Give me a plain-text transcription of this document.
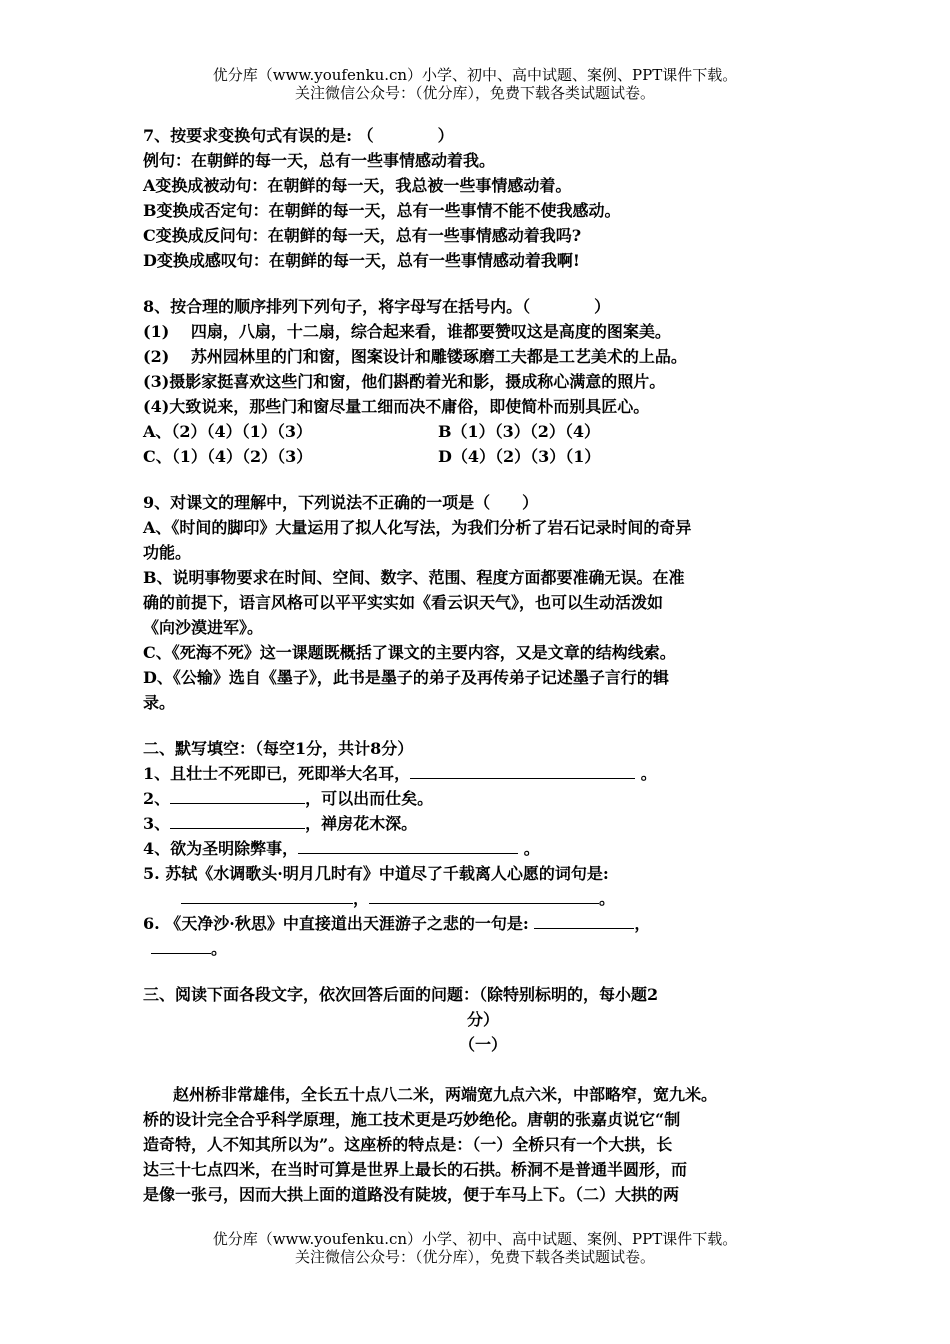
优分库（www.youfenku.cn）小学、初中、高中试题、案例、PPT课件下载。
关注微信公众号：（优分库），免费下载各类试题试卷。
7、按要求变换句式有误的是: （　　　　）
例句：在朝鲜的每一天，总有一些事情感动着我。
A变换成被动句：在朝鲜的每一天，我总被一些事情感动着。
B变换成否定句：在朝鲜的每一天，总有一些事情不能不使我感动。
C变换成反问句：在朝鲜的每一天，总有一些事情感动着我吗?
D变换成感叹句：在朝鲜的每一天，总有一些事情感动着我啊!
8、按合理的顺序排列下列句子，将字母写在括号内。（　　　　）
(1)　 四扇，八扇，十二扇，综合起来看，谁都要赞叹这是高度的图案美。
(2)　 苏州园林里的门和窗，图案设计和雕镂琢磨工夫都是工艺美术的上品。
(3)摄影家挺喜欢这些门和窗，他们斟酌着光和影，摄成称心满意的照片。
(4)大致说来，那些门和窗尽量工细而决不庸俗，即使简朴而别具匠心。
A、（2）（4）（1）（3）	B（1）（3）（2）（4）
C、（1）（4）（2）（3）	D（4）（2）（3）（1）
9、对课文的理解中，下列说法不正确的一项是（　　）
A、《时间的脚印》大量运用了拟人化写法，为我们分析了岩石记录时间的奇异
功能。
B、说明事物要求在时间、空间、数字、范围、程度方面都要准确无误。在准
确的前提下，语言风格可以平平实实如《看云识天气》，也可以生动活泼如
《向沙漠进军》。
C、《死海不死》这一课题既概括了课文的主要内容，又是文章的结构线索。
D、《公输》选自《墨子》，此书是墨子的弟子及再传弟子记述墨子言行的辑
录。
二、默写填空：（每空1分，共计8分）
1、且壮士不死即已，死即举大名耳，	。
2、	，可以出而仕矣。
3、	，禅房花木深。
4、欲为圣明除弊事，	。
5. 苏轼《水调歌头·明月几时有》中道尽了千载离人心愿的词句是:
，	。
6. 《天净沙·秋思》中直接道出天涯游子之悲的一句是:	，
。
三、阅读下面各段文字，依次回答后面的问题：（除特别标明的，每小题2
分）
（一）
赵州桥非常雄伟，全长五十点八二米，两端宽九点六米，中部略窄，宽九米。
桥的设计完全合乎科学原理，施工技术更是巧妙绝伦。唐朝的张嘉贞说它“制
造奇特，人不知其所以为”。这座桥的特点是：（一）全桥只有一个大拱，长
达三十七点四米，在当时可算是世界上最长的石拱。桥洞不是普通半圆形，而
是像一张弓，因而大拱上面的道路没有陡坡，便于车马上下。（二）大拱的两
优分库（www.youfenku.cn）小学、初中、高中试题、案例、PPT课件下载。
关注微信公众号：（优分库），免费下载各类试题试卷。
